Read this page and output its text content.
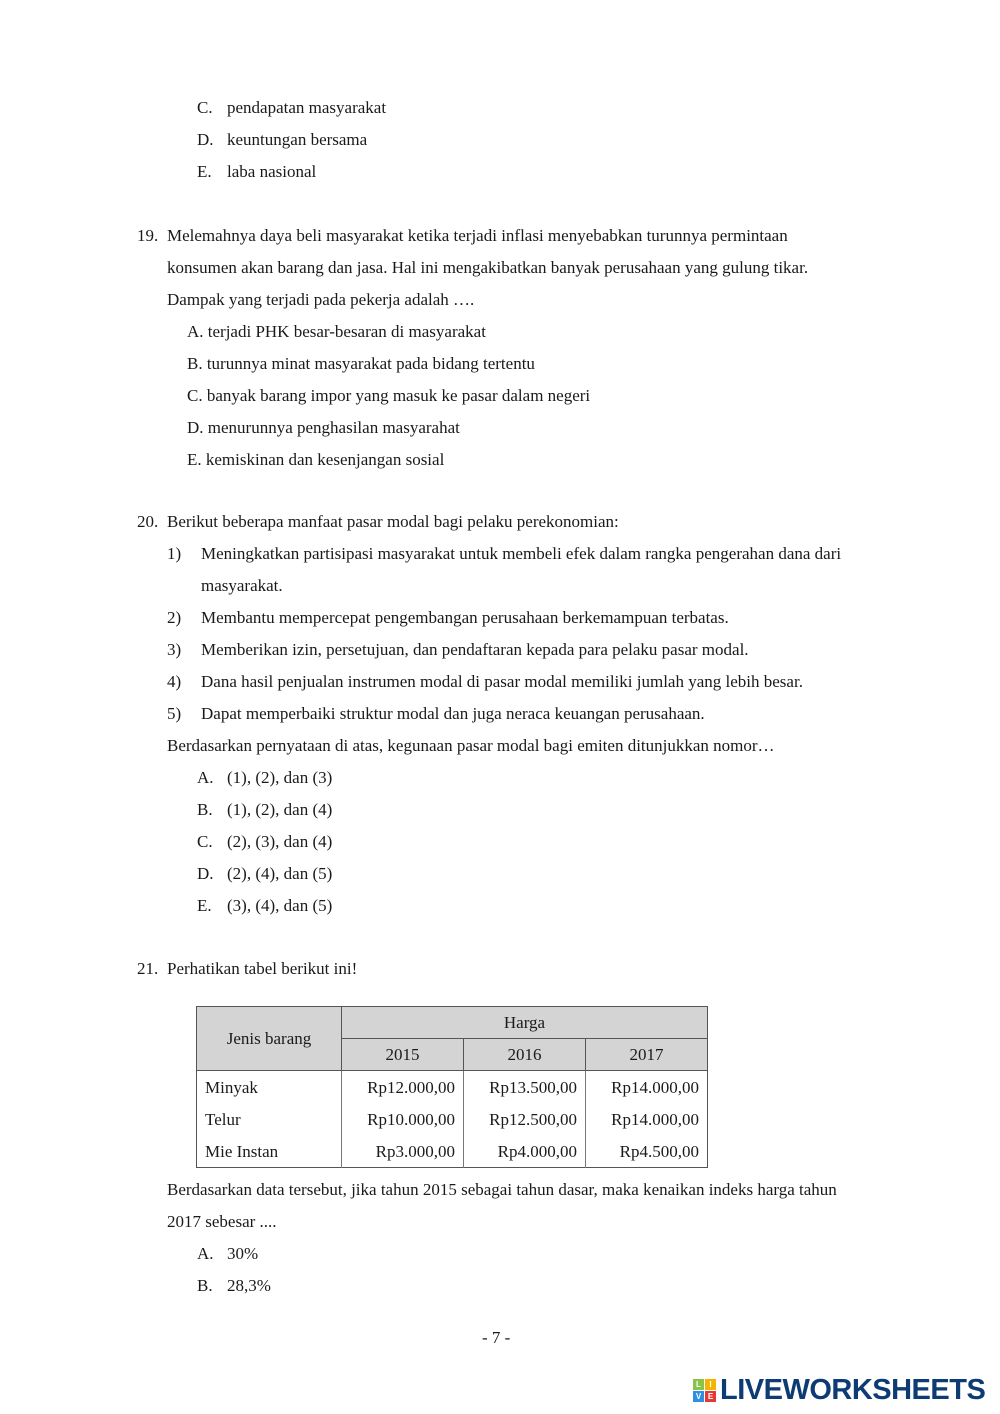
C. pendapatan masyarakat
D. keuntungan bersama
E. laba nasional
19. Melemahnya daya beli masyarakat ketika terjadi inflasi menyebabkan turunnya permintaan
konsumen akan barang dan jasa. Hal ini mengakibatkan banyak perusahaan yang gulung tikar.
Dampak yang terjadi pada pekerja adalah ….
A. terjadi PHK besar-besaran di masyarakat
B. turunnya minat masyarakat pada bidang tertentu
C. banyak barang impor yang masuk ke pasar dalam negeri
D. menurunnya penghasilan masyarahat
E. kemiskinan dan kesenjangan sosial
20. Berikut beberapa manfaat pasar modal bagi pelaku perekonomian:
1) Meningkatkan partisipasi masyarakat untuk membeli efek dalam rangka pengerahan dana dari
masyarakat.
2) Membantu mempercepat pengembangan perusahaan berkemampuan terbatas.
3) Memberikan izin, persetujuan, dan pendaftaran kepada para pelaku pasar modal.
4) Dana hasil penjualan instrumen modal di pasar modal memiliki jumlah yang lebih besar.
5) Dapat memperbaiki struktur modal dan juga neraca keuangan perusahaan.
Berdasarkan pernyataan di atas, kegunaan pasar modal bagi emiten ditunjukkan nomor…
A. (1), (2), dan (3)
B. (1), (2), dan (4)
C. (2), (3), dan (4)
D. (2), (4), dan (5)
E. (3), (4), dan (5)
21. Perhatikan tabel berikut ini!
Jenis barang	Harga		
	2015	2016	2017
Minyak	Rp12.000,00	Rp13.500,00	Rp14.000,00
Telur	Rp10.000,00	Rp12.500,00	Rp14.000,00
Mie Instan	Rp3.000,00	Rp4.000,00	Rp4.500,00
Berdasarkan data tersebut, jika tahun 2015 sebagai tahun dasar, maka kenaikan indeks harga tahun
2017 sebesar ....
A. 30%
B. 28,3%
- 7 -
L	I
V E LIVEWORKSHEETS
